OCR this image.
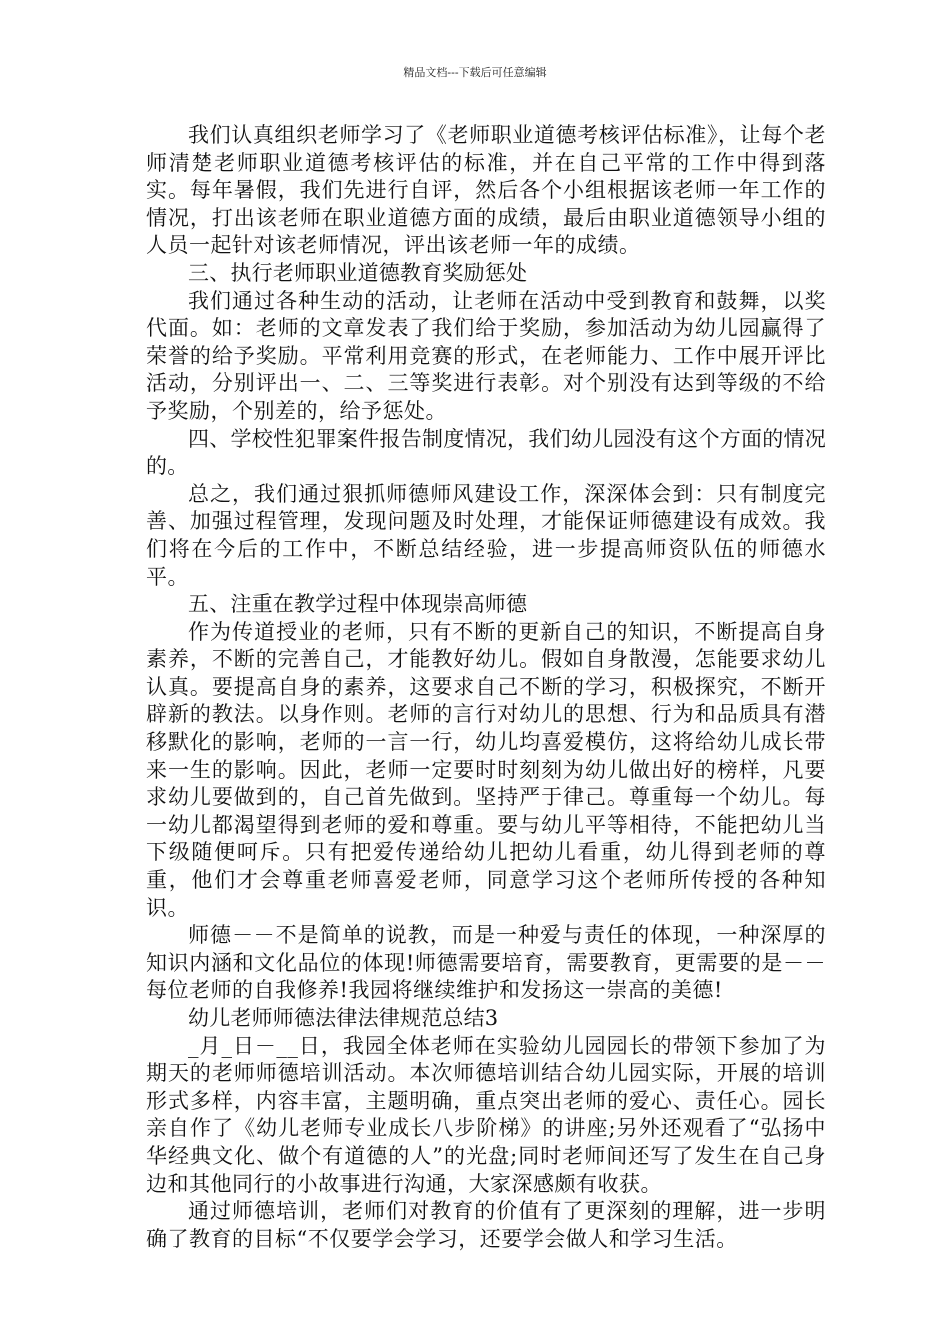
精品文档---下载后可任意编辑

我们认真组织老师学习了《老师职业道德考核评估标准》，让每个老师清楚老师职业道德考核评估的标准，并在自己平常的工作中得到落实。每年暑假，我们先进行自评，然后各个小组根据该老师一年工作的情况，打出该老师在职业道德方面的成绩，最后由职业道德领导小组的人员一起针对该老师情况，评出该老师一年的成绩。

三、执行老师职业道德教育奖励惩处

我们通过各种生动的活动，让老师在活动中受到教育和鼓舞，以奖代面。如：老师的文章发表了我们给于奖励，参加活动为幼儿园赢得了荣誉的给予奖励。平常利用竞赛的形式，在老师能力、工作中展开评比活动，分别评出一、二、三等奖进行表彰。对个别没有达到等级的不给予奖励，个别差的，给予惩处。

四、学校性犯罪案件报告制度情况，我们幼儿园没有这个方面的情况的。

总之，我们通过狠抓师德师风建设工作，深深体会到：只有制度完善、加强过程管理，发现问题及时处理，才能保证师德建设有成效。我们将在今后的工作中，不断总结经验，进一步提高师资队伍的师德水平。

五、注重在教学过程中体现崇高师德

作为传道授业的老师，只有不断的更新自己的知识，不断提高自身素养，不断的完善自己，才能教好幼儿。假如自身散漫，怎能要求幼儿认真。要提高自身的素养，这要求自己不断的学习，积极探究，不断开辟新的教法。以身作则。老师的言行对幼儿的思想、行为和品质具有潜移默化的影响，老师的一言一行，幼儿均喜爱模仿，这将给幼儿成长带来一生的影响。因此，老师一定要时时刻刻为幼儿做出好的榜样，凡要求幼儿要做到的，自己首先做到。坚持严于律己。尊重每一个幼儿。每一幼儿都渴望得到老师的爱和尊重。要与幼儿平等相待，不能把幼儿当下级随便呵斥。只有把爱传递给幼儿把幼儿看重，幼儿得到老师的尊重，他们才会尊重老师喜爱老师，同意学习这个老师所传授的各种知识。

师德－－不是简单的说教，而是一种爱与责任的体现，一种深厚的知识内涵和文化品位的体现!师德需要培育，需要教育，更需要的是－－每位老师的自我修养!我园将继续维护和发扬这一崇高的美德!

幼儿老师师德法律法律规范总结3

_月_日－__日，我园全体老师在实验幼儿园园长的带领下参加了为期天的老师师德培训活动。本次师德培训结合幼儿园实际，开展的培训形式多样，内容丰富，主题明确，重点突出老师的爱心、责任心。园长亲自作了《幼儿老师专业成长八步阶梯》的讲座;另外还观看了“弘扬中华经典文化、做个有道德的人”的光盘;同时老师间还写了发生在自己身边和其他同行的小故事进行沟通，大家深感颇有收获。

通过师德培训，老师们对教育的价值有了更深刻的理解，进一步明确了教育的目标“不仅要学会学习，还要学会做人和学习生活。
